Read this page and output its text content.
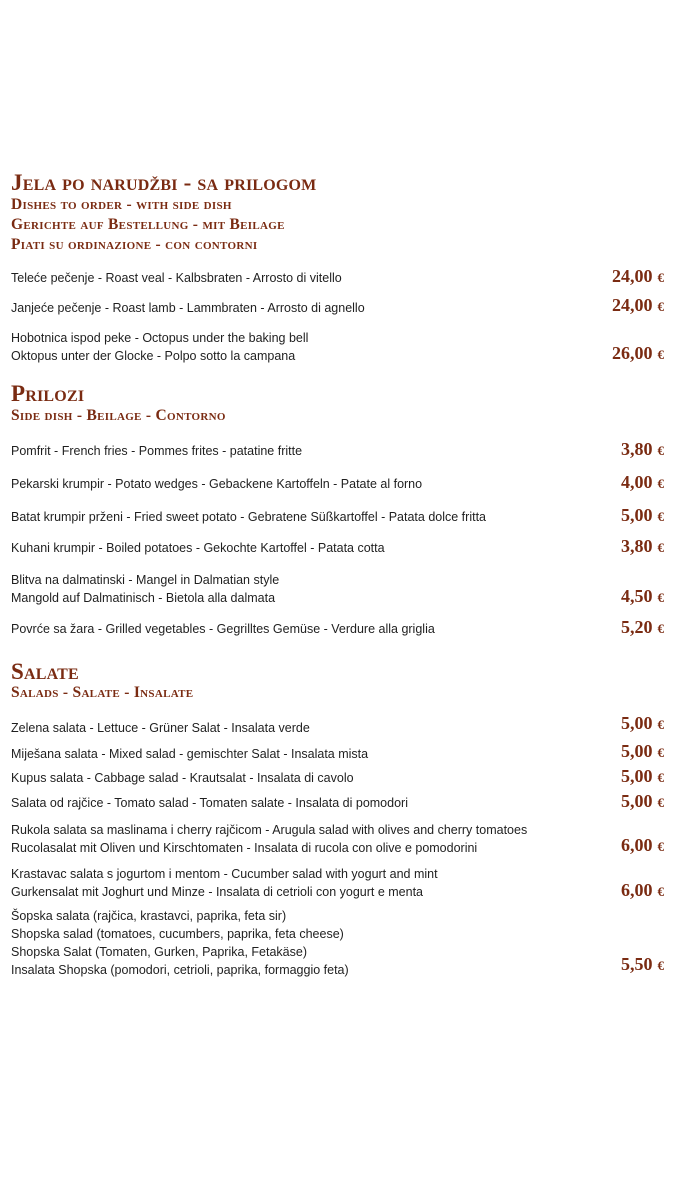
Jela po narudžbi - sa prilogom
Dishes to order - with side dish
Gerichte auf Bestellung - mit Beilage
Piati su ordinazione - con contorni
Teleće pečenje - Roast veal - Kalbsbraten - Arrosto di vitello	24,00 €
Janjeće pečenje - Roast lamb - Lammbraten - Arrosto di agnello	24,00 €
Hobotnica ispod peke - Octopus under the baking bell
Oktopus unter der Glocke - Polpo sotto la campana	26,00 €
Prilozi
Side dish - Beilage - Contorno
Pomfrit - French fries - Pommes frites - patatine fritte	3,80 €
Pekarski krumpir - Potato wedges - Gebackene Kartoffeln - Patate al forno	4,00 €
Batat krumpir prženi - Fried sweet potato - Gebratene Süßkartoffel - Patata dolce fritta	5,00 €
Kuhani krumpir - Boiled potatoes - Gekochte Kartoffel - Patata cotta	3,80 €
Blitva na dalmatinski - Mangel in Dalmatian style
Mangold auf Dalmatinisch - Bietola alla dalmata	4,50 €
Povrće sa žara - Grilled vegetables - Gegrilltes Gemüse - Verdure alla griglia	5,20 €
Salate
Salads - Salate - Insalate
Zelena salata - Lettuce - Grüner Salat - Insalata verde	5,00 €
Miješana salata - Mixed salad - gemischter Salat - Insalata mista	5,00 €
Kupus salata - Cabbage salad - Krautsalat - Insalata di cavolo	5,00 €
Salata od rajčice - Tomato salad - Tomaten salate - Insalata di pomodori	5,00 €
Rukola salata sa maslinama i cherry rajčicom - Arugula salad with olives and cherry tomatoes
Rucolasalat mit Oliven und Kirschtomaten - Insalata di rucola con olive e pomodorini	6,00 €
Krastavac salata s jogurtom i mentom - Cucumber salad with yogurt and mint
Gurkensalat mit Joghurt und Minze - Insalata di cetrioli con yogurt e menta	6,00 €
Šopska salata (rajčica, krastavci, paprika, feta sir)
Shopska salad (tomatoes, cucumbers, paprika, feta cheese)
Shopska Salat (Tomaten, Gurken, Paprika, Fetakäse)
Insalata Shopska (pomodori, cetrioli, paprika, formaggio feta)	5,50 €
